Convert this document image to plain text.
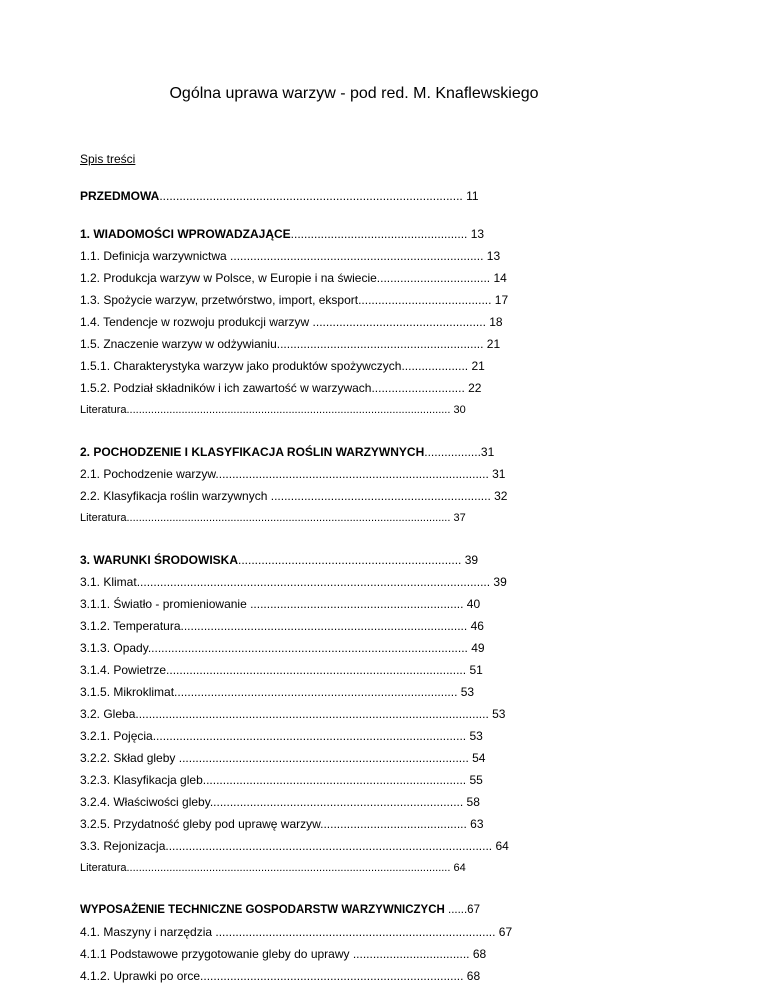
Ogólna uprawa warzyw - pod red. M. Knaflewskiego
Spis treści
PRZEDMOWA........................................................................................... 11
1. WIADOMOŚCI WPROWADZAJĄCE..................................................... 13
1.1. Definicja warzywnictwa ............................................................................ 13
1.2. Produkcja warzyw w Polsce, w Europie i na świecie.................................. 14
1.3. Spożycie warzyw, przetwórstwo, import, eksport........................................ 17
1.4. Tendencje w rozwoju produkcji warzyw .................................................... 18
1.5. Znaczenie warzyw w odżywianiu.............................................................. 21
1.5.1. Charakterystyka warzyw jako produktów spożywczych.................... 21
1.5.2. Podział składników i ich zawartość w warzywach............................ 22
Literatura.......................................................................................................... 30
2. POCHODZENIE I KLASYFIKACJA ROŚLIN WARZYWNYCH.................31
2.1. Pochodzenie warzyw.................................................................................. 31
2.2. Klasyfikacja roślin warzywnych .................................................................. 32
Literatura.......................................................................................................... 37
3. WARUNKI ŚRODOWISKA................................................................... 39
3.1. Klimat.......................................................................................................... 39
3.1.1. Światło - promieniowanie ................................................................ 40
3.1.2. Temperatura...................................................................................... 46
3.1.3. Opady................................................................................................ 49
3.1.4. Powietrze.......................................................................................... 51
3.1.5. Mikroklimat..................................................................................... 53
3.2. Gleba.......................................................................................................... 53
3.2.1. Pojęcia.............................................................................................. 53
3.2.2. Skład gleby ....................................................................................... 54
3.2.3. Klasyfikacja gleb............................................................................... 55
3.2.4. Właściwości gleby............................................................................ 58
3.2.5. Przydatność gleby pod uprawę warzyw............................................ 63
3.3. Rejonizacja.................................................................................................. 64
Literatura.......................................................................................................... 64
WYPOSAŻENIE TECHNICZNE GOSPODARSTW WARZYWNICZYCH ......67
4.1. Maszyny i narzędzia .................................................................................... 67
4.1.1 Podstawowe przygotowanie gleby do uprawy ................................... 68
4.1.2. Uprawki po orce............................................................................... 68
